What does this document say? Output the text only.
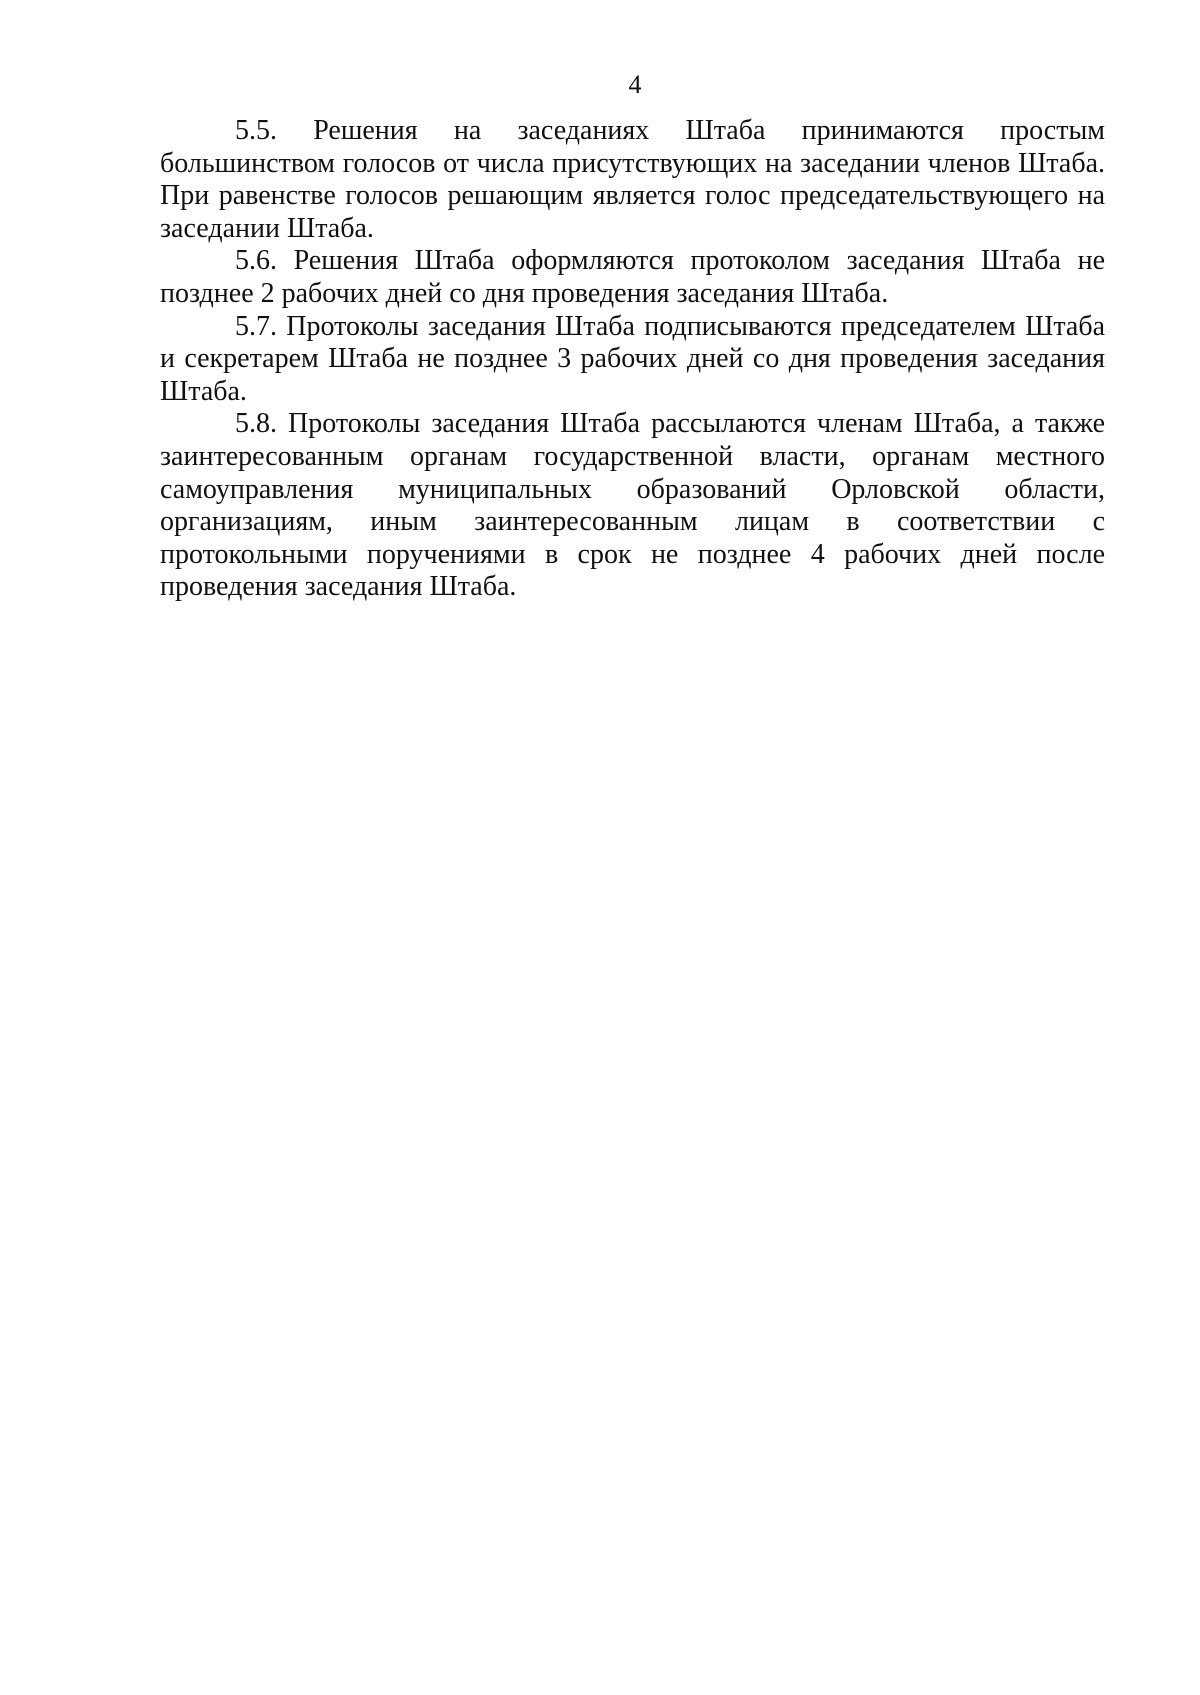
4

5.5. Решения на заседаниях Штаба принимаются простым большинством голосов от числа присутствующих на заседании членов Штаба. При равенстве голосов решающим является голос председательствующего на заседании Штаба.

5.6. Решения Штаба оформляются протоколом заседания Штаба не позднее 2 рабочих дней со дня проведения заседания Штаба.

5.7. Протоколы заседания Штаба подписываются председателем Штаба и секретарем Штаба не позднее 3 рабочих дней со дня проведения заседания Штаба.

5.8. Протоколы заседания Штаба рассылаются членам Штаба, а также заинтересованным органам государственной власти, органам местного самоуправления муниципальных образований Орловской области, организациям, иным заинтересованным лицам в соответствии с протокольными поручениями в срок не позднее 4 рабочих дней после проведения заседания Штаба.
